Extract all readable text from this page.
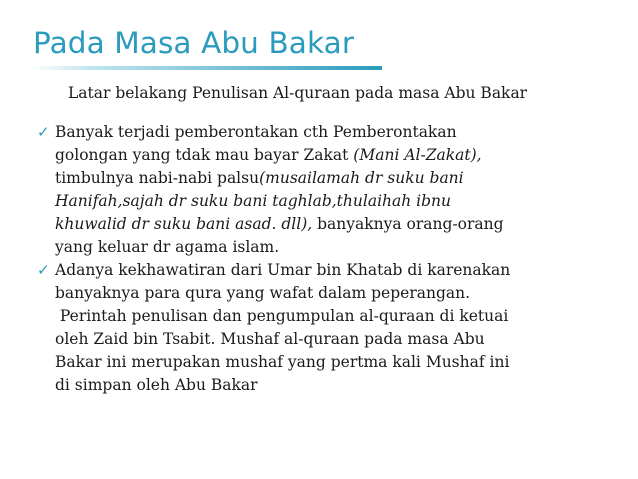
Pada Masa Abu Bakar
Latar belakang Penulisan Al-quraan pada masa Abu Bakar
✓ Banyak terjadi pemberontakan cth Pemberontakan
golongan yang tdak mau bayar Zakat (Mani Al-Zakat),
timbulnya nabi-nabi palsu(musailamah dr suku bani
Hanifah,sajah dr suku bani taghlab,thulaihah ibnu
khuwalid dr suku bani asad. dll), banyaknya orang-orang
yang keluar dr agama islam.
✓ Adanya kekhawatiran dari Umar bin Khatab di karenakan
banyaknya para qura yang wafat dalam peperangan.
Perintah penulisan dan pengumpulan al-quraan di ketuai
oleh Zaid bin Tsabit. Mushaf al-quraan pada masa Abu
Bakar ini merupakan mushaf yang pertma kali Mushaf ini
di simpan oleh Abu Bakar
